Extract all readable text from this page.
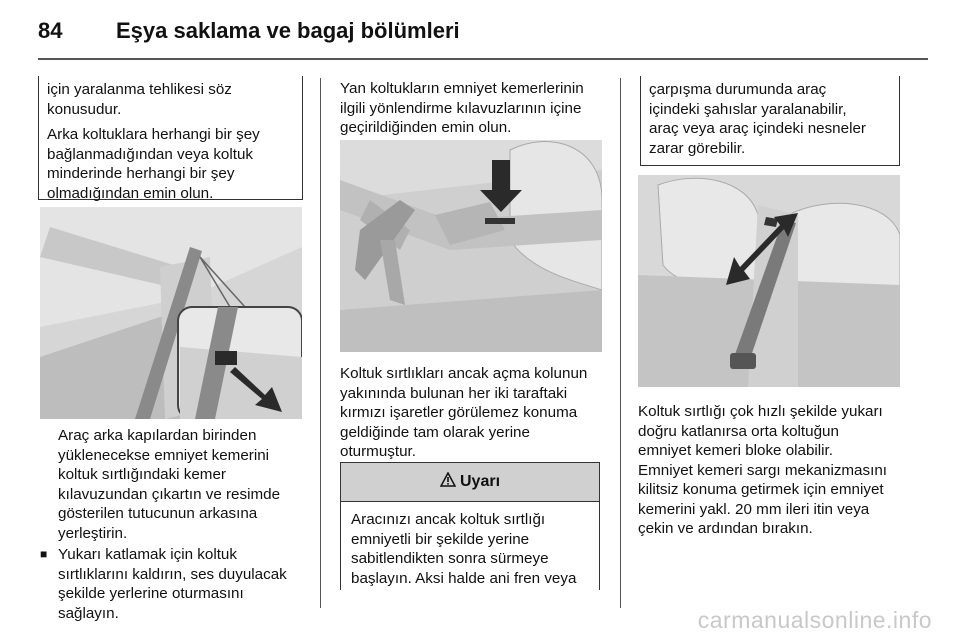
84 Eşya saklama ve bagaj bölümleri

için yaralanma tehlikesi söz

konusudur.

Arka koltuklara herhangi bir şey

bağlanmadığından veya koltuk

minderinde herhangi bir şey

olmadığından emin olun.

Araç arka kapılardan birinden

yüklenecekse emniyet kemerini

koltuk sırtlığındaki kemer

kılavuzundan çıkartın ve resimde

gösterilen tutucunun arkasına

yerleştirin.

■ Yukarı katlamak için koltuk

sırtlıklarını kaldırın, ses duyulacak

şekilde yerlerine oturmasını

sağlayın.

Yan koltukların emniyet kemerlerinin

ilgili yönlendirme kılavuzlarının içine

geçirildiğinden emin olun.

Koltuk sırtlıkları ancak açma kolunun

yakınında bulunan her iki taraftaki

kırmızı işaretler görülemez konuma

geldiğinde tam olarak yerine

oturmuştur.

Uyarı

Aracınızı ancak koltuk sırtlığı

emniyetli bir şekilde yerine

sabitlendikten sonra sürmeye

başlayın. Aksi halde ani fren veya

çarpışma durumunda araç

içindeki şahıslar yaralanabilir,

araç veya araç içindeki nesneler

zarar görebilir.

Koltuk sırtlığı çok hızlı şekilde yukarı

doğru katlanırsa orta koltuğun

emniyet kemeri bloke olabilir.

Emniyet kemeri sargı mekanizmasını

kilitsiz konuma getirmek için emniyet

kemerini yakl. 20 mm ileri itin veya

çekin ve ardından bırakın.

carmanualsonline.info
